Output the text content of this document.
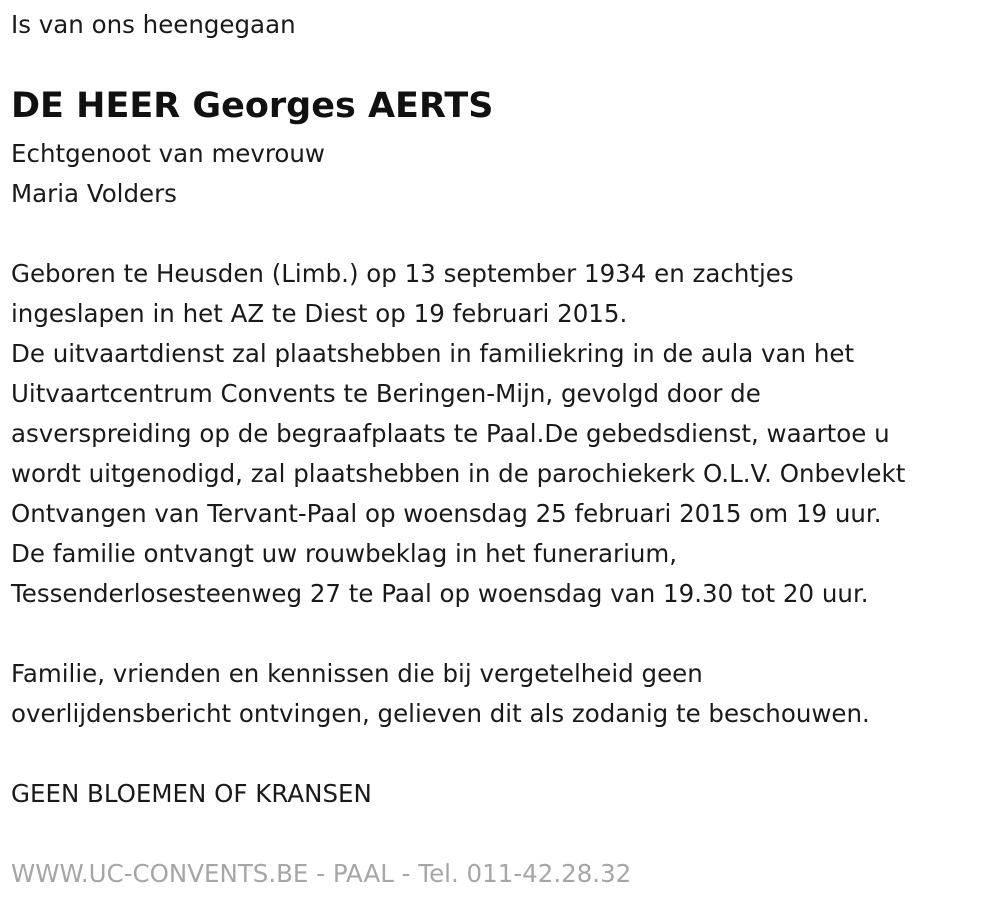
Is van ons heengegaan
DE HEER Georges AERTS
Echtgenoot van mevrouw
Maria Volders
Geboren te Heusden (Limb.) op 13 september 1934 en zachtjes
ingeslapen in het AZ te Diest op 19 februari 2015.
De uitvaartdienst zal plaatshebben in familiekring in de aula van het
Uitvaartcentrum Convents te Beringen-Mijn, gevolgd door de
asverspreiding op de begraafplaats te Paal.De gebedsdienst, waartoe u
wordt uitgenodigd, zal plaatshebben in de parochiekerk O.L.V. Onbevlekt
Ontvangen van Tervant-Paal op woensdag 25 februari 2015 om 19 uur.
De familie ontvangt uw rouwbeklag in het funerarium,
Tessenderlosesteenweg 27 te Paal op woensdag van 19.30 tot 20 uur.
Familie, vrienden en kennissen die bij vergetelheid geen
overlijdensbericht ontvingen, gelieven dit als zodanig te beschouwen.
GEEN BLOEMEN OF KRANSEN
WWW.UC-CONVENTS.BE - PAAL - Tel. 011-42.28.32
